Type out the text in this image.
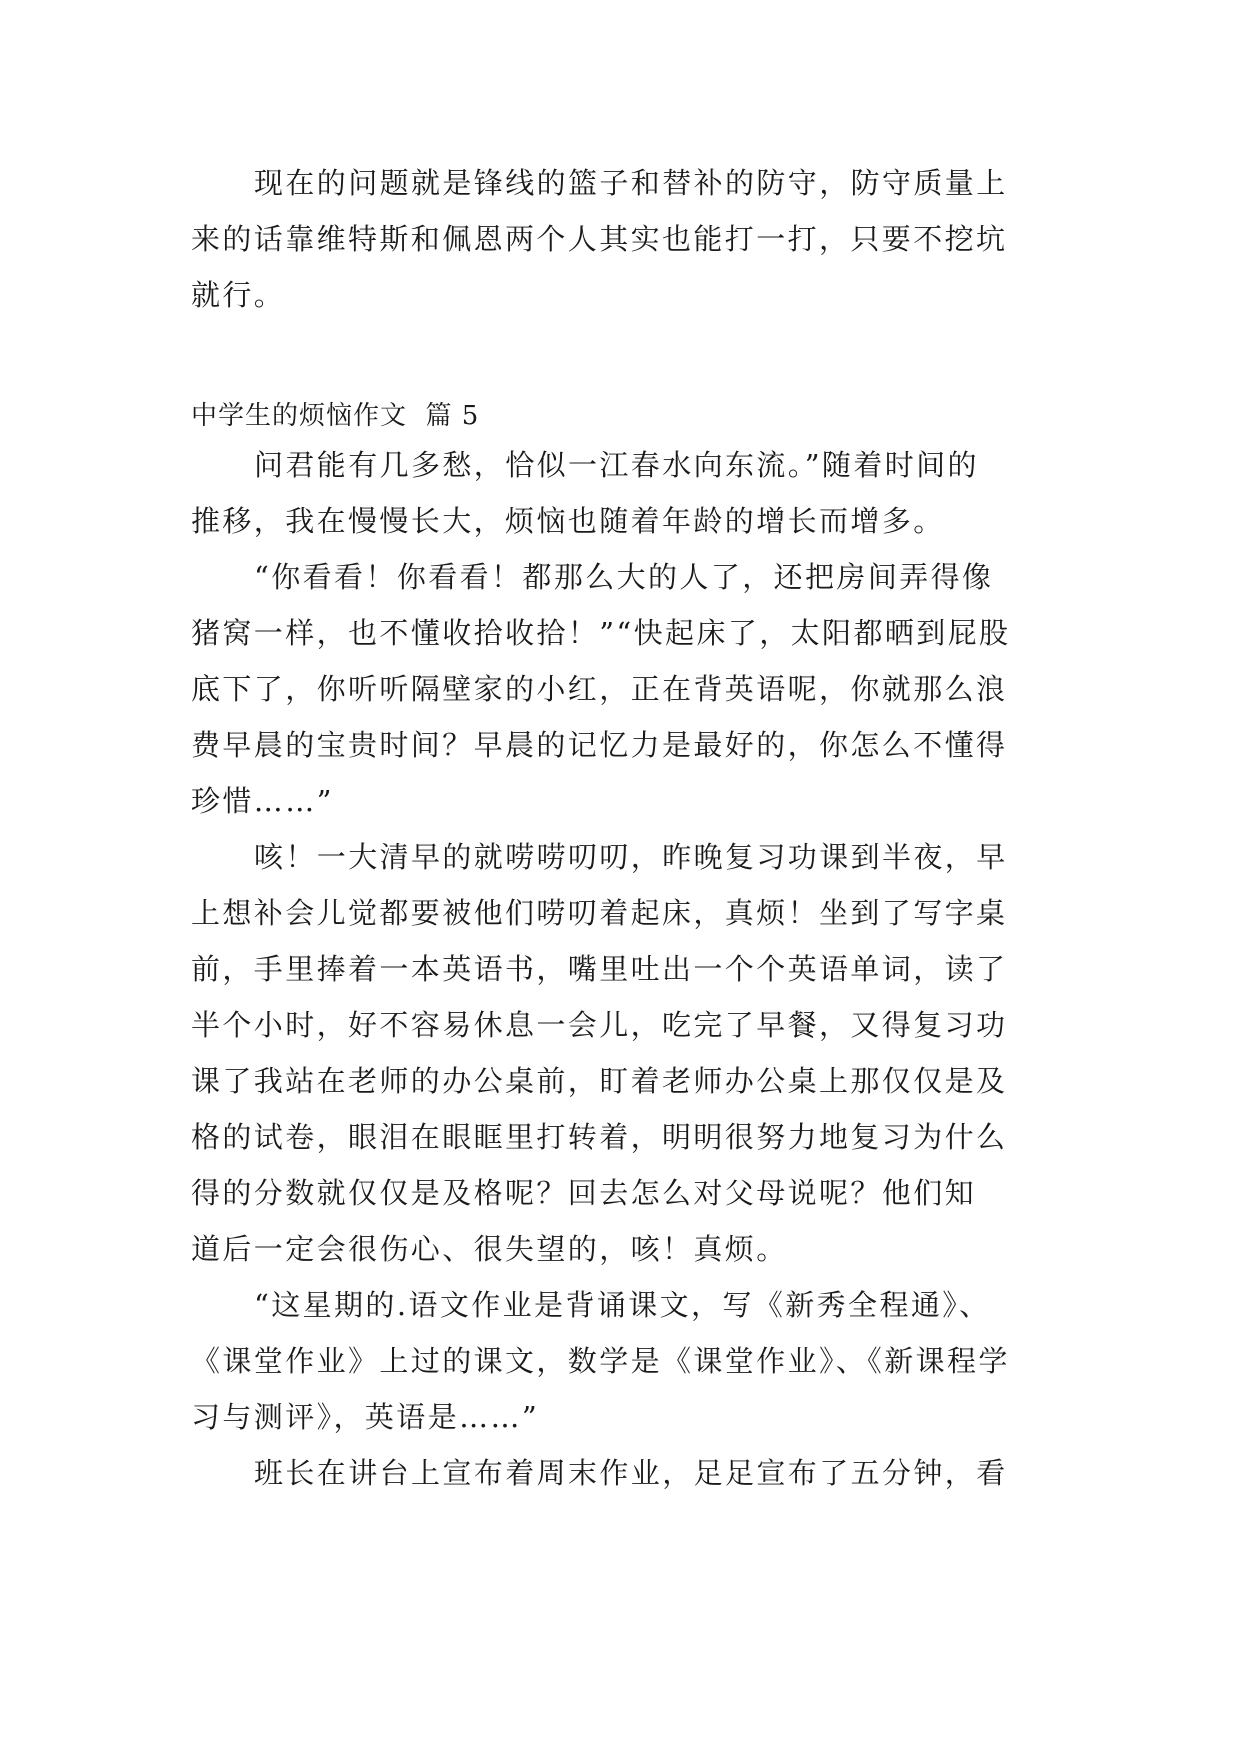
现在的问题就是锋线的篮子和替补的防守，防守质量上
来的话靠维特斯和佩恩两个人其实也能打一打，只要不挖坑
就行。
中学生的烦恼作文  篇 5
问君能有几多愁，恰似一江春水向东流。”随着时间的
推移，我在慢慢长大，烦恼也随着年龄的增长而增多。
“你看看！你看看！都那么大的人了，还把房间弄得像
猪窝一样，也不懂收拾收拾！”“快起床了，太阳都晒到屁股
底下了，你听听隔壁家的小红，正在背英语呢，你就那么浪
费早晨的宝贵时间？早晨的记忆力是最好的，你怎么不懂得
珍惜……”
咳！一大清早的就唠唠叨叨，昨晚复习功课到半夜，早
上想补会儿觉都要被他们唠叨着起床，真烦！坐到了写字桌
前，手里捧着一本英语书，嘴里吐出一个个英语单词，读了
半个小时，好不容易休息一会儿，吃完了早餐，又得复习功
课了我站在老师的办公桌前，盯着老师办公桌上那仅仅是及
格的试卷，眼泪在眼眶里打转着，明明很努力地复习为什么
得的分数就仅仅是及格呢？回去怎么对父母说呢？他们知
道后一定会很伤心、很失望的，咳！真烦。
“这星期的.语文作业是背诵课文，写《新秀全程通》、
《课堂作业》上过的课文，数学是《课堂作业》、《新课程学
习与测评》，英语是……”
班长在讲台上宣布着周末作业，足足宣布了五分钟，看
